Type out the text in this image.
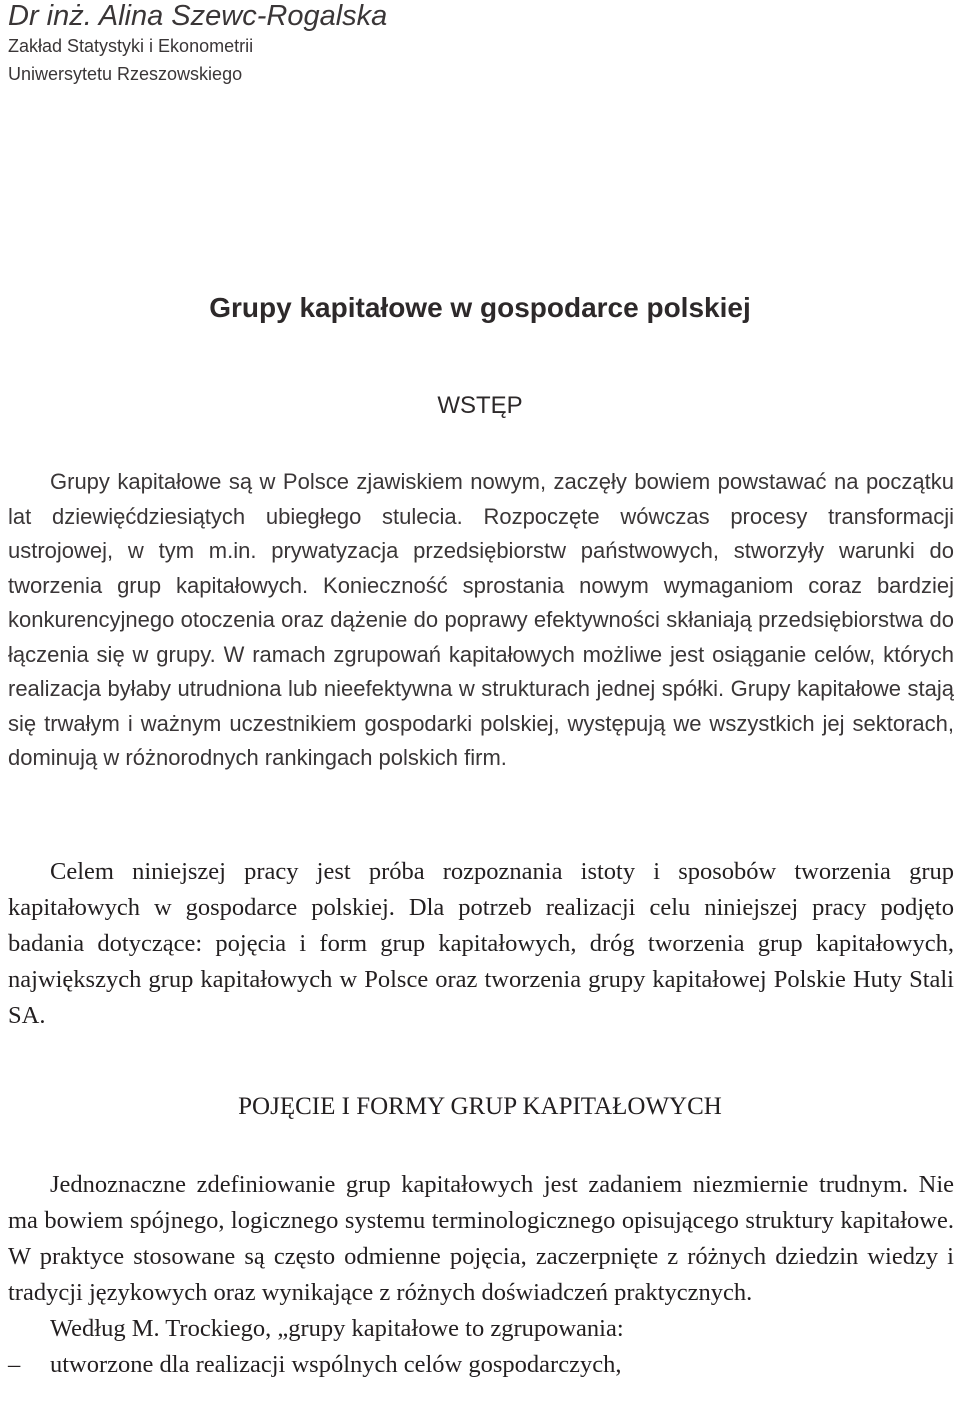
Dr inż. Alina Szewc-Rogalska
Zakład Statystyki i Ekonometrii
Uniwersytetu Rzeszowskiego
Grupy kapitałowe w gospodarce polskiej
WSTĘP

Grupy kapitałowe są w Polsce zjawiskiem nowym, zaczęły bowiem powstawać na początku lat dziewięćdziesiątych ubiegłego stulecia. Rozpoczęte wówczas procesy transformacji ustrojowej, w tym m.in. prywatyzacja przedsiębiorstw państwowych, stworzyły warunki do tworzenia grup kapitałowych. Konieczność sprostania nowym wymaganiom coraz bardziej konkurencyjnego otoczenia oraz dążenie do poprawy efektywności skłaniają przedsiębiorstwa do łączenia się w grupy. W ramach zgrupowań kapitałowych możliwe jest osiąganie celów, których realizacja byłaby utrudniona lub nieefektywna w strukturach jednej spółki. Grupy kapitałowe stają się trwałym i ważnym uczestnikiem gospodarki polskiej, występują we wszystkich jej sektorach, dominują w różnorodnych rankingach polskich firm.

Celem niniejszej pracy jest próba rozpoznania istoty i sposobów tworzenia grup kapitałowych w gospodarce polskiej. Dla potrzeb realizacji celu niniejszej pracy podjęto badania dotyczące: pojęcia i form grup kapitałowych, dróg tworzenia grup kapitałowych, największych grup kapitałowych w Polsce oraz tworzenia grupy kapitałowej Polskie Huty Stali SA.

POJĘCIE I FORMY GRUP KAPITAŁOWYCH

Jednoznaczne zdefiniowanie grup kapitałowych jest zadaniem niezmiernie trudnym. Nie ma bowiem spójnego, logicznego systemu terminologicznego opisującego struktury kapitałowe. W praktyce stosowane są często odmienne pojęcia, zaczerpnięte z różnych dziedzin wiedzy i tradycji językowych oraz wynikające z różnych doświadczeń praktycznych.

Według M. Trockiego, „grupy kapitałowe to zgrupowania:

– utworzone dla realizacji wspólnych celów gospodarczych,
